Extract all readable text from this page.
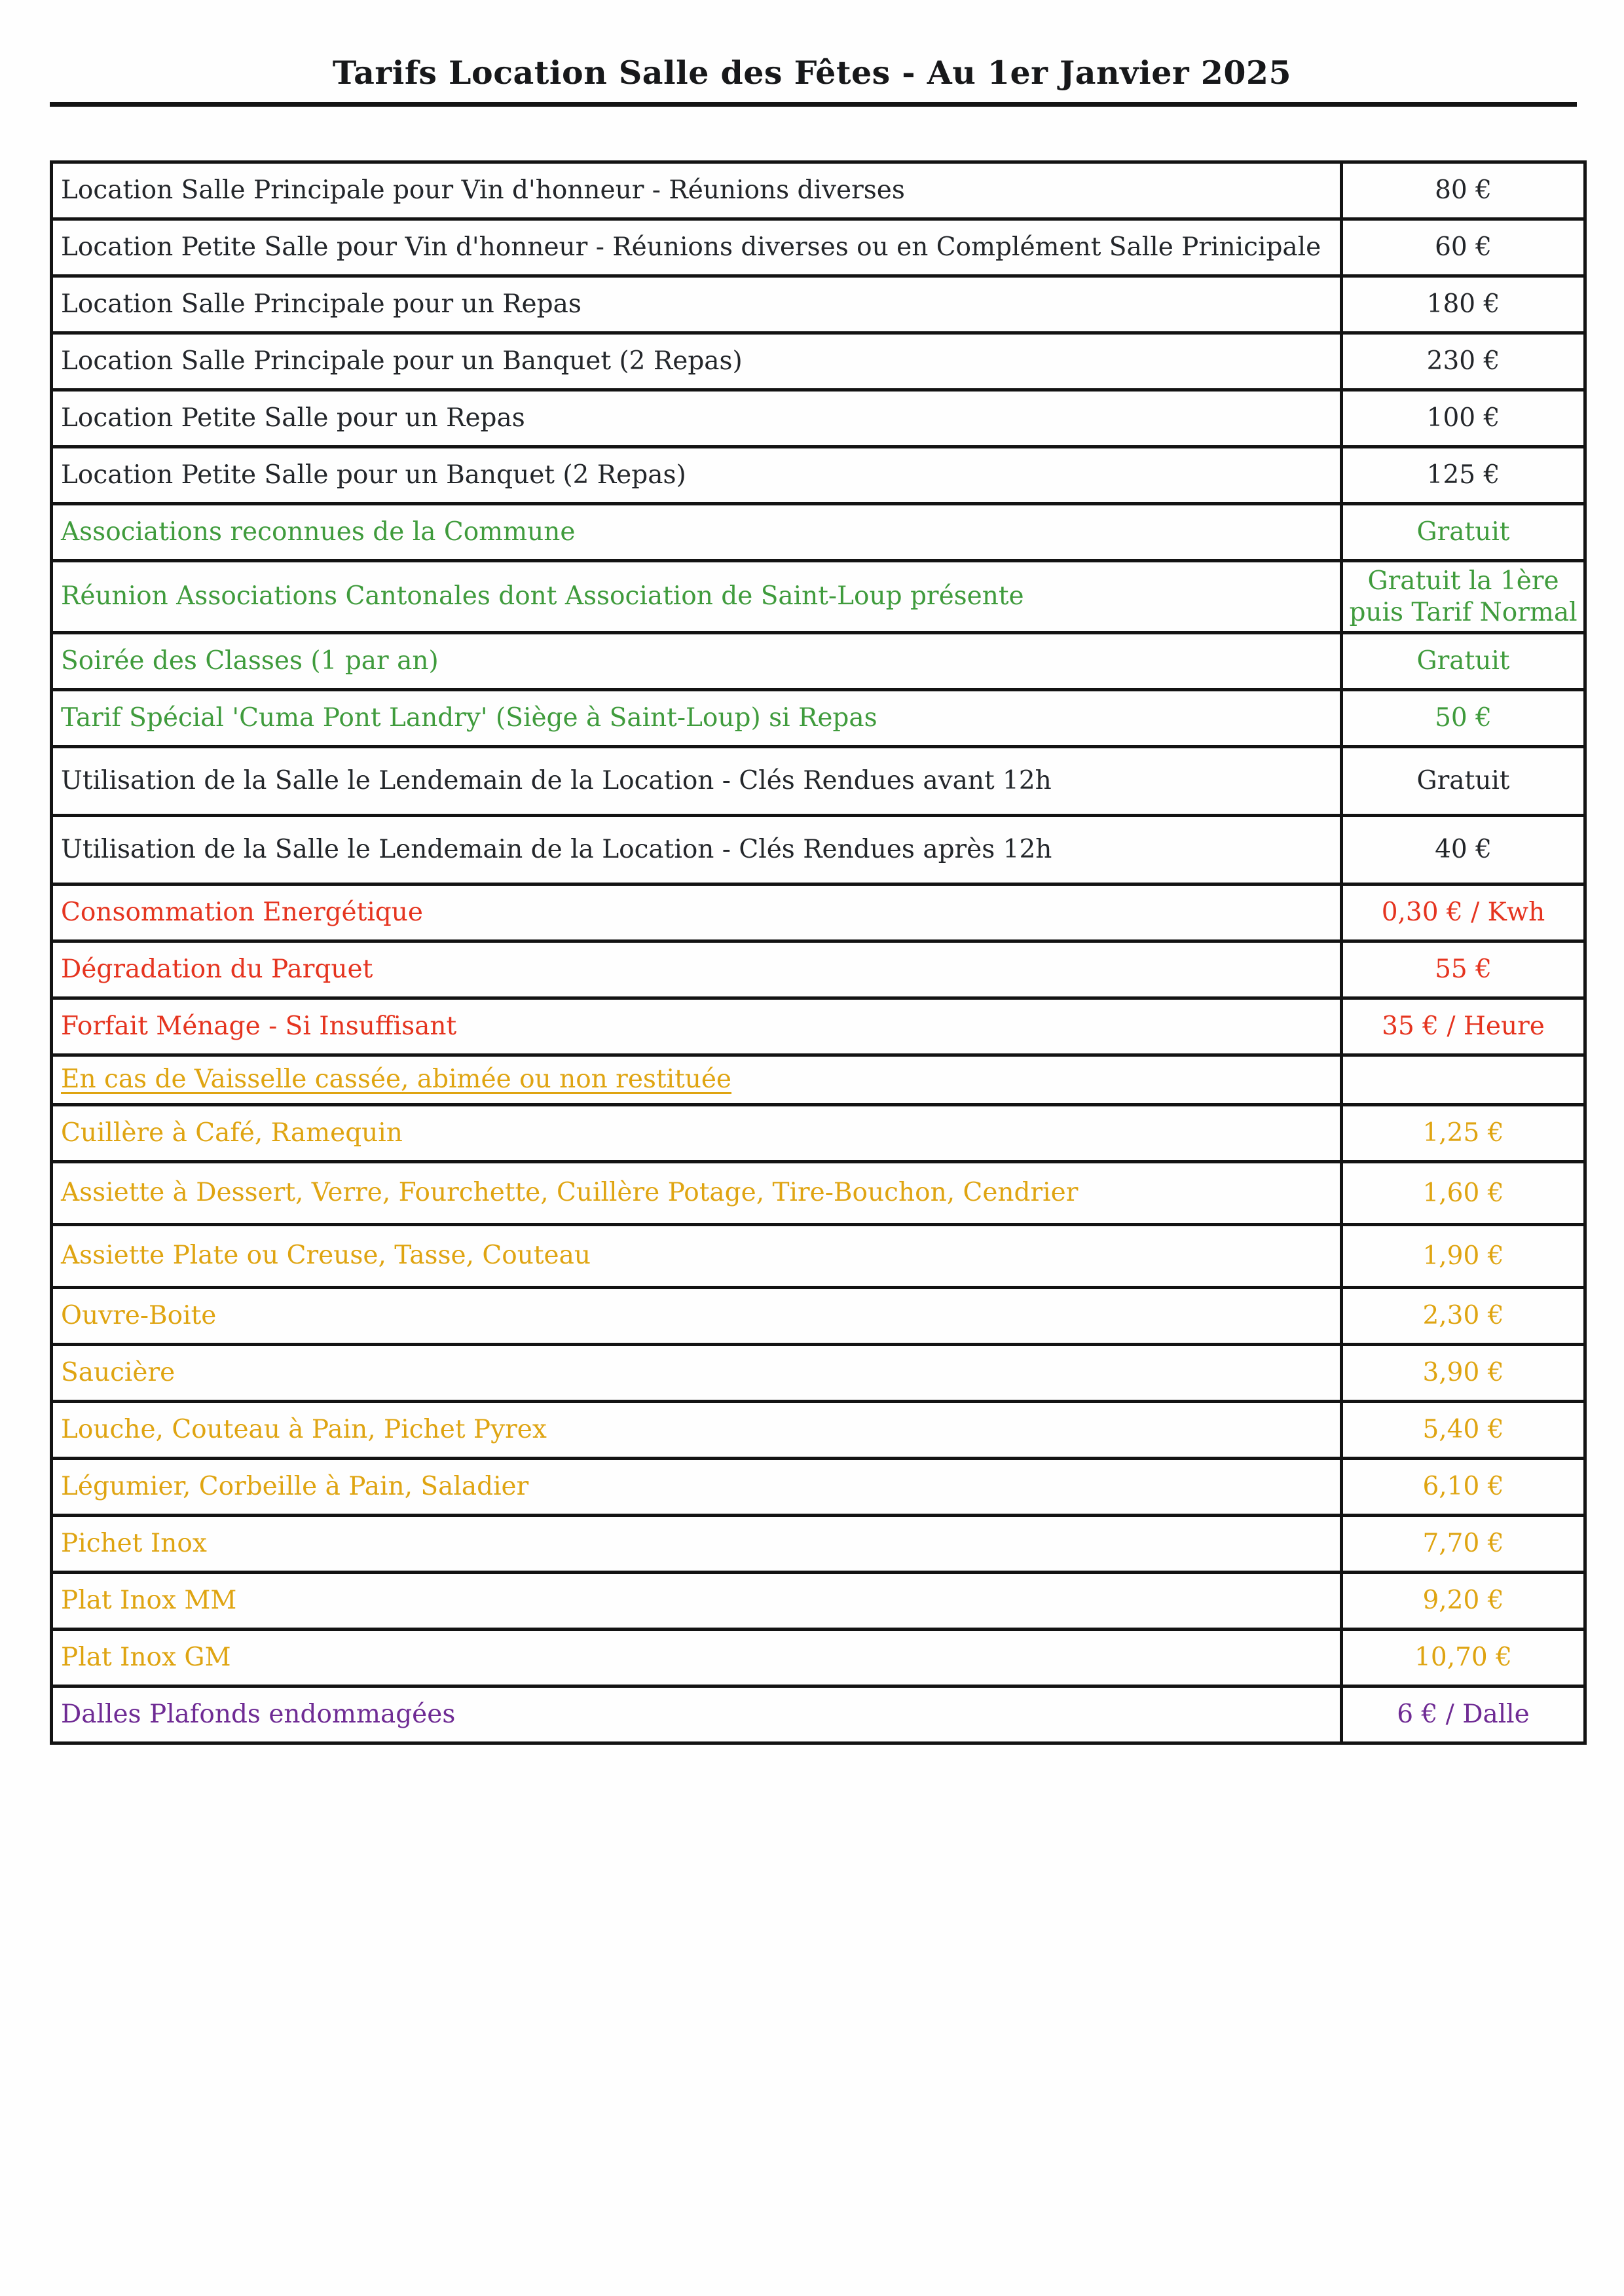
Tarifs Location Salle des Fêtes - Au 1er Janvier 2025
Location Salle Principale pour Vin d'honneur - Réunions diverses	80 €
Location Petite Salle pour Vin d'honneur - Réunions diverses ou en Complément Salle Prinicipale	60 €
Location Salle Principale pour un Repas	180 €
Location Salle Principale pour un Banquet (2 Repas)	230 €
Location Petite Salle pour un Repas	100 €
Location Petite Salle pour un Banquet (2 Repas)	125 €
Associations reconnues de la Commune	Gratuit
Réunion Associations Cantonales dont Association de Saint-Loup présente	Gratuit la 1ère puis Tarif Normal
Soirée des Classes (1 par an)	Gratuit
Tarif Spécial 'Cuma Pont Landry' (Siège à Saint-Loup) si Repas	50 €
Utilisation de la Salle le Lendemain de la Location - Clés Rendues avant 12h	Gratuit
Utilisation de la Salle le Lendemain de la Location - Clés Rendues après 12h	40 €
Consommation Energétique	0,30 € / Kwh
Dégradation du Parquet	55 €
Forfait Ménage - Si Insuffisant	35 € / Heure
En cas de Vaisselle cassée, abimée ou non restituée	
Cuillère à Café, Ramequin	1,25 €
Assiette à Dessert, Verre, Fourchette, Cuillère Potage, Tire-Bouchon, Cendrier	1,60 €
Assiette Plate ou Creuse, Tasse, Couteau	1,90 €
Ouvre-Boite	2,30 €
Saucière	3,90 €
Louche, Couteau à Pain, Pichet Pyrex	5,40 €
Légumier, Corbeille à Pain, Saladier	6,10 €
Pichet Inox	7,70 €
Plat Inox MM	9,20 €
Plat Inox GM	10,70 €
Dalles Plafonds endommagées	6 € / Dalle
